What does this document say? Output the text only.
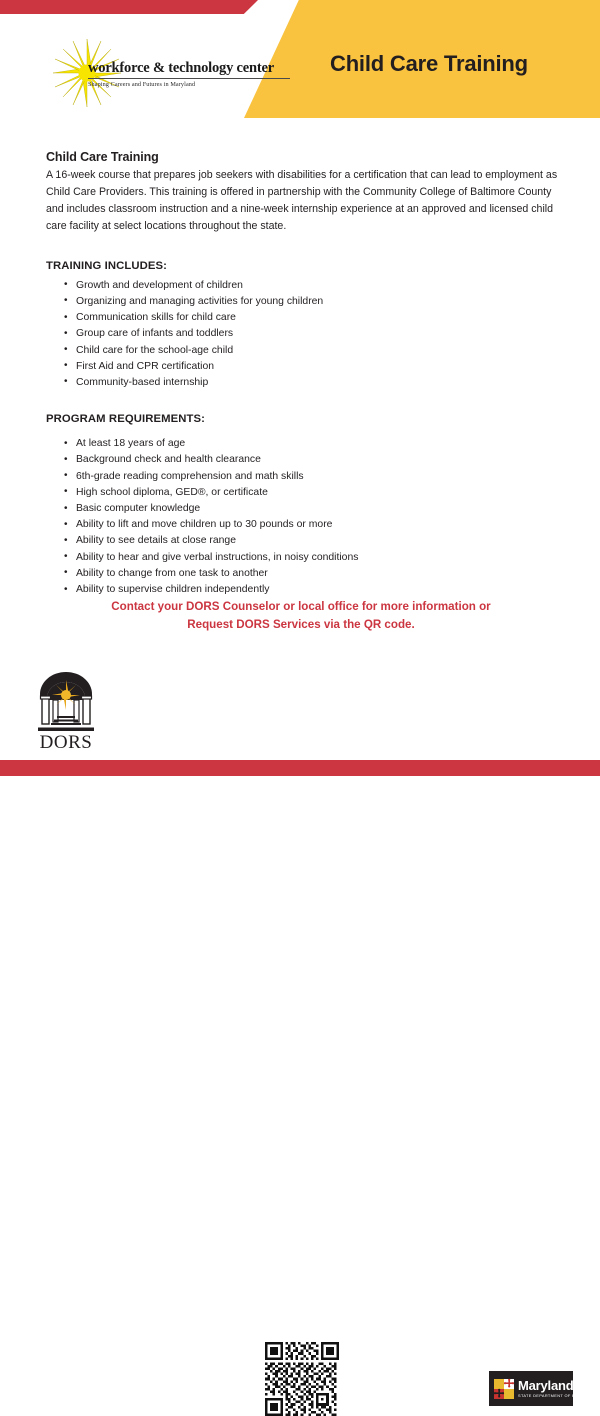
workforce & technology center
Shaping Careers and Futures in Maryland
Child Care Training
Child Care Training

A 16-week course that prepares job seekers with disabilities for a certification that can lead to employment as Child Care Providers. This training is offered in partnership with the Community College of Baltimore County and includes classroom instruction and a nine-week internship experience at an approved and licensed child care facility at select locations throughout the state.

TRAINING INCLUDES:
• Growth and development of children
• Organizing and managing activities for young children
• Communication skills for child care
• Group care of infants and toddlers
• Child care for the school-age child
• First Aid and CPR certification
• Community-based internship
PROGRAM REQUIREMENTS:
• At least 18 years of age
• Background check and health clearance
• 6th-grade reading comprehension and math skills
• High school diploma, GED®, or certificate
• Basic computer knowledge
• Ability to lift and move children up to 30 pounds or more
• Ability to see details at close range
• Ability to hear and give verbal instructions, in noisy conditions
• Ability to change from one task to another
• Ability to supervise children independently
Contact your DORS Counselor or local office for more information or
Request DORS Services via the QR code.
DORS
Maryland
STATE DEPARTMENT OF EDUCATION
